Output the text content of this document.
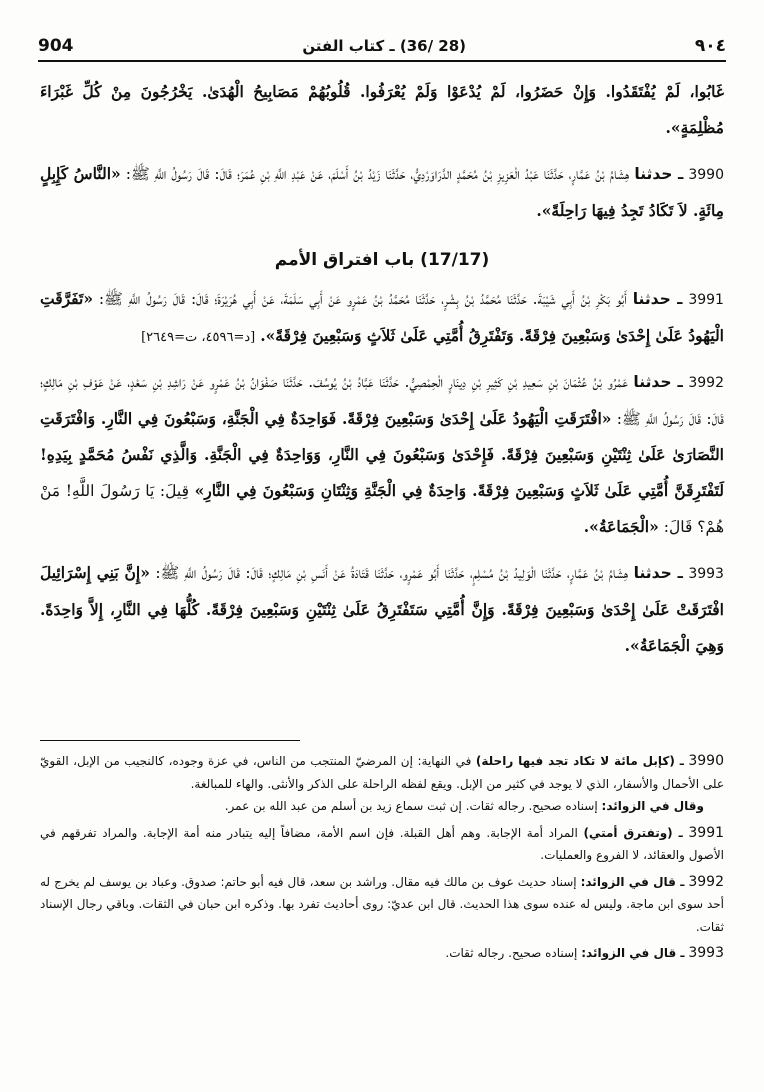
904	(28 /36) ـ كتاب الفتن	٩٠٤

غَابُوا، لَمْ يُفْتَقَدُوا. وَإِنْ حَضَرُوا، لَمْ يُدْعَوْا وَلَمْ يُعْرَفُوا. قُلُوبُهُمْ مَصَابِيحُ الْهُدَىٰ. يَخْرُجُونَ مِنْ كُلِّ غَبْرَاءَ مُظْلِمَةٍ».

3990 ـ حدثنا هِشَامُ بْنُ عَمَّارٍ، حَدَّثَنَا عَبْدُ الْعَزِيزِ بْنُ مُحَمَّدٍ الدَّرَاوَرْدِيُّ، حَدَّثَنَا زَيْدُ بْنُ أَسْلَمَ، عَنْ عَبْدِ اللَّهِ بْنِ عُمَرَ؛ قَالَ: قَالَ رَسُولُ اللَّهِ ﷺ: «النَّاسُ كَإِبِلٍ مِائَةٍ. لاَ تَكَادُ تَجِدُ فِيهَا رَاحِلَةً».

(17/17) باب افتراق الأمم

3991 ـ حدثنا أَبُو بَكْرِ بْنُ أَبِي شَيْبَةَ. حَدَّثَنَا مُحَمَّدُ بْنُ بِشْرٍ، حَدَّثَنَا مُحَمَّدُ بْنُ عَمْرٍو عَنْ أَبِي سَلَمَةَ، عَنْ أَبِي هُرَيْرَةَ؛ قَالَ: قَالَ رَسُولُ اللَّهِ ﷺ: «تَفَرَّقَتِ الْيَهُودُ عَلَىٰ إِحْدَىٰ وَسَبْعِينَ فِرْقَةً. وَتَفْتَرِقُ أُمَّتِي عَلَىٰ ثَلاَثٍ وَسَبْعِينَ فِرْقَةً». [د=٤٥٩٦، ت=٢٦٤٩]

3992 ـ حدثنا عَمْرُو بْنُ عُثْمَانَ بْنِ سَعِيدِ بْنِ كَثِيرِ بْنِ دِينَارٍ الْحِمْصِيُّ. حَدَّثَنَا عَبَّادُ بْنُ يُوسُفَ. حَدَّثَنَا صَفْوَانُ بْنُ عَمْرٍو عَنْ رَاشِدِ بْنِ سَعْدٍ، عَنْ عَوْفِ بْنِ مَالِكٍ؛ قَالَ: قَالَ رَسُولُ اللَّهِ ﷺ: «افْتَرَقَتِ الْيَهُودُ عَلَىٰ إِحْدَىٰ وَسَبْعِينَ فِرْقَةً. فَوَاحِدَةٌ فِي الْجَنَّةِ، وَسَبْعُونَ فِي النَّارِ. وَافْتَرَقَتِ النَّصَارَىٰ عَلَىٰ ثِنْتَيْنِ وَسَبْعِينَ فِرْقَةً. فَإِحْدَىٰ وَسَبْعُونَ فِي النَّارِ، وَوَاحِدَةٌ فِي الْجَنَّةِ. وَالَّذِي نَفْسُ مُحَمَّدٍ بِيَدِهِ! لَتَفْتَرِقَنَّ أُمَّتِي عَلَىٰ ثَلاَثٍ وَسَبْعِينَ فِرْقَةً. وَاحِدَةٌ فِي الْجَنَّةِ وَثِنْتَانِ وَسَبْعُونَ فِي النَّارِ» قِيلَ: يَا رَسُولَ اللَّهِ! مَنْ هُمْ؟ قَالَ: «الْجَمَاعَةُ».

3993 ـ حدثنا هِشَامُ بْنُ عَمَّارٍ، حَدَّثَنَا الْوَلِيدُ بْنُ مُسْلِمٍ، حَدَّثَنَا أَبُو عَمْرٍو، حَدَّثَنَا قَتَادَةُ عَنْ أَنَسِ بْنِ مَالِكٍ؛ قَالَ: قَالَ رَسُولُ اللَّهِ ﷺ: «إِنَّ بَنِي إِسْرَائِيلَ افْتَرَقَتْ عَلَىٰ إِحْدَىٰ وَسَبْعِينَ فِرْقَةً. وَإِنَّ أُمَّتِي سَتَفْتَرِقُ عَلَىٰ ثِنْتَيْنِ وَسَبْعِينَ فِرْقَةً. كُلُّهَا فِي النَّارِ، إِلاَّ وَاحِدَةً. وَهِيَ الْجَمَاعَةُ».

3990 ـ (كإبل مائة لا تكاد تجد فيها راحلة) في النهاية: إن المرضيّ المنتجب من الناس، في عزة وجوده، كالنجيب من الإبل، القويّ على الأحمال والأسفار، الذي لا يوجد في كثير من الإبل. ويقع لفظه الراحلة على الذكر والأنثى. والهاء للمبالغة.

وقال في الزوائد: إسناده صحيح. رجاله ثقات. إن ثبت سماع زيد بن أسلم من عبد الله بن عمر.

3991 ـ (وتفترق أمتي) المراد أمة الإجابة. وهم أهل القبلة. فإن اسم الأمة، مضافاً إليه يتبادر منه أمة الإجابة. والمراد تفرقهم في الأصول والعقائد، لا الفروع والعمليات.
3992 ـ قال في الزوائد: إسناد حديث عوف بن مالك فيه مقال. وراشد بن سعد، قال فيه أبو حاتم: صدوق. وعباد بن يوسف لم يخرج له أحد سوى ابن ماجة. وليس له عنده سوى هذا الحديث. قال ابن عديّ: روى أحاديث تفرد بها. وذكره ابن حبان في الثقات. وباقي رجال الإسناد ثقات.
3993 ـ قال في الزوائد: إسناده صحيح. رجاله ثقات.
